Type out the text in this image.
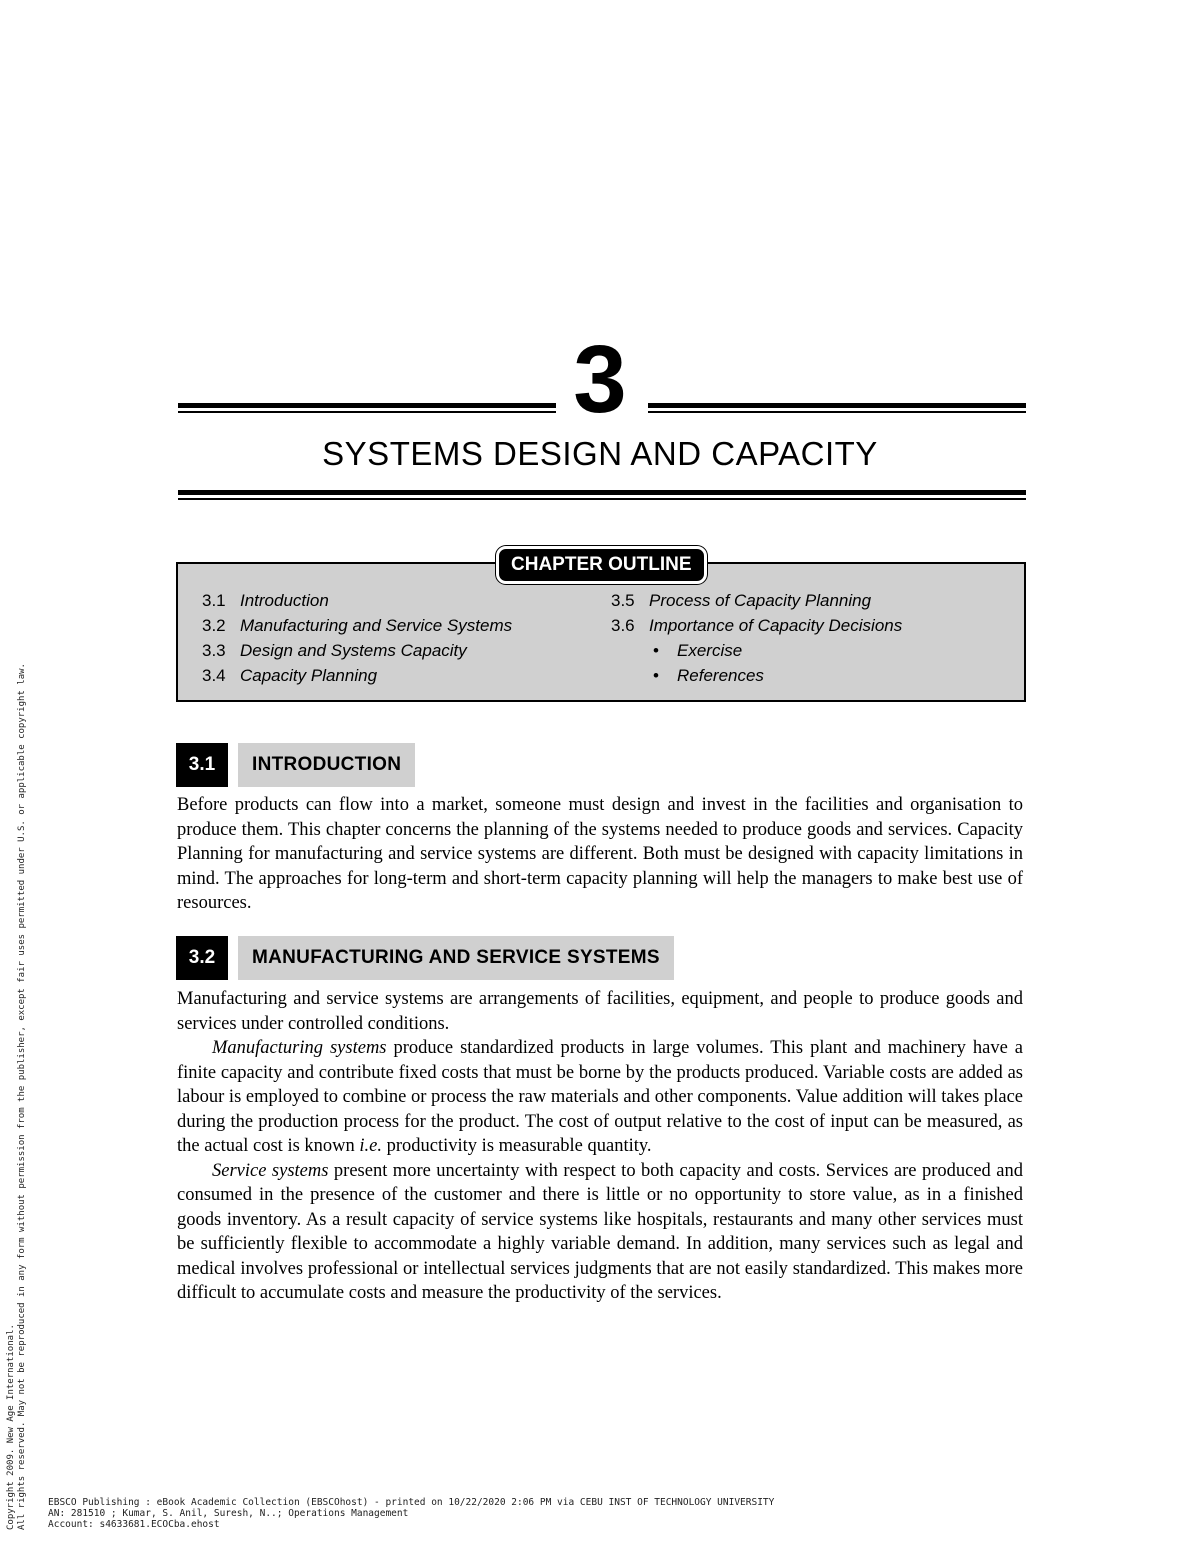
3
SYSTEMS DESIGN AND CAPACITY
CHAPTER OUTLINE
3.1 Introduction
3.2 Manufacturing and Service Systems
3.3 Design and Systems Capacity
3.4 Capacity Planning
3.5 Process of Capacity Planning
3.6 Importance of Capacity Decisions
• Exercise
• References
3.1	INTRODUCTION

Before products can flow into a market, someone must design and invest in the facilities and organisation to produce them. This chapter concerns the planning of the systems needed to produce goods and services. Capacity Planning for manufacturing and service systems are different. Both must be designed with capacity limitations in mind. The approaches for long-term and short-term capacity planning will help the managers to make best use of resources.

3.2	MANUFACTURING AND SERVICE SYSTEMS

Manufacturing and service systems are arrangements of facilities, equipment, and people to produce goods and services under controlled conditions.

Manufacturing systems produce standardized products in large volumes. This plant and machinery have a finite capacity and contribute fixed costs that must be borne by the products produced. Variable costs are added as labour is employed to combine or process the raw materials and other components. Value addition will takes place during the production process for the product. The cost of output relative to the cost of input can be measured, as the actual cost is known i.e. productivity is measurable quantity.

Service systems present more uncertainty with respect to both capacity and costs. Services are produced and consumed in the presence of the customer and there is little or no opportunity to store value, as in a finished goods inventory. As a result capacity of service systems like hospitals, restaurants and many other services must be sufficiently flexible to accommodate a highly variable demand. In addition, many services such as legal and medical involves professional or intellectual services judgments that are not easily standardized. This makes more difficult to accumulate costs and measure the productivity of the services.

Copyright 2009. New Age International. All rights reserved. May not be reproduced in any form without permission from the publisher, except fair uses permitted under U.S. or applicable copyright law. EBSCO Publishing : eBook Academic Collection (EBSCOhost) - printed on 10/22/2020 2:06 PM via CEBU INST OF TECHNOLOGY UNIVERSITY
AN: 281510 ; Kumar, S. Anil, Suresh, N..; Operations Management
Account: s4633681.ECOCba.ehost
